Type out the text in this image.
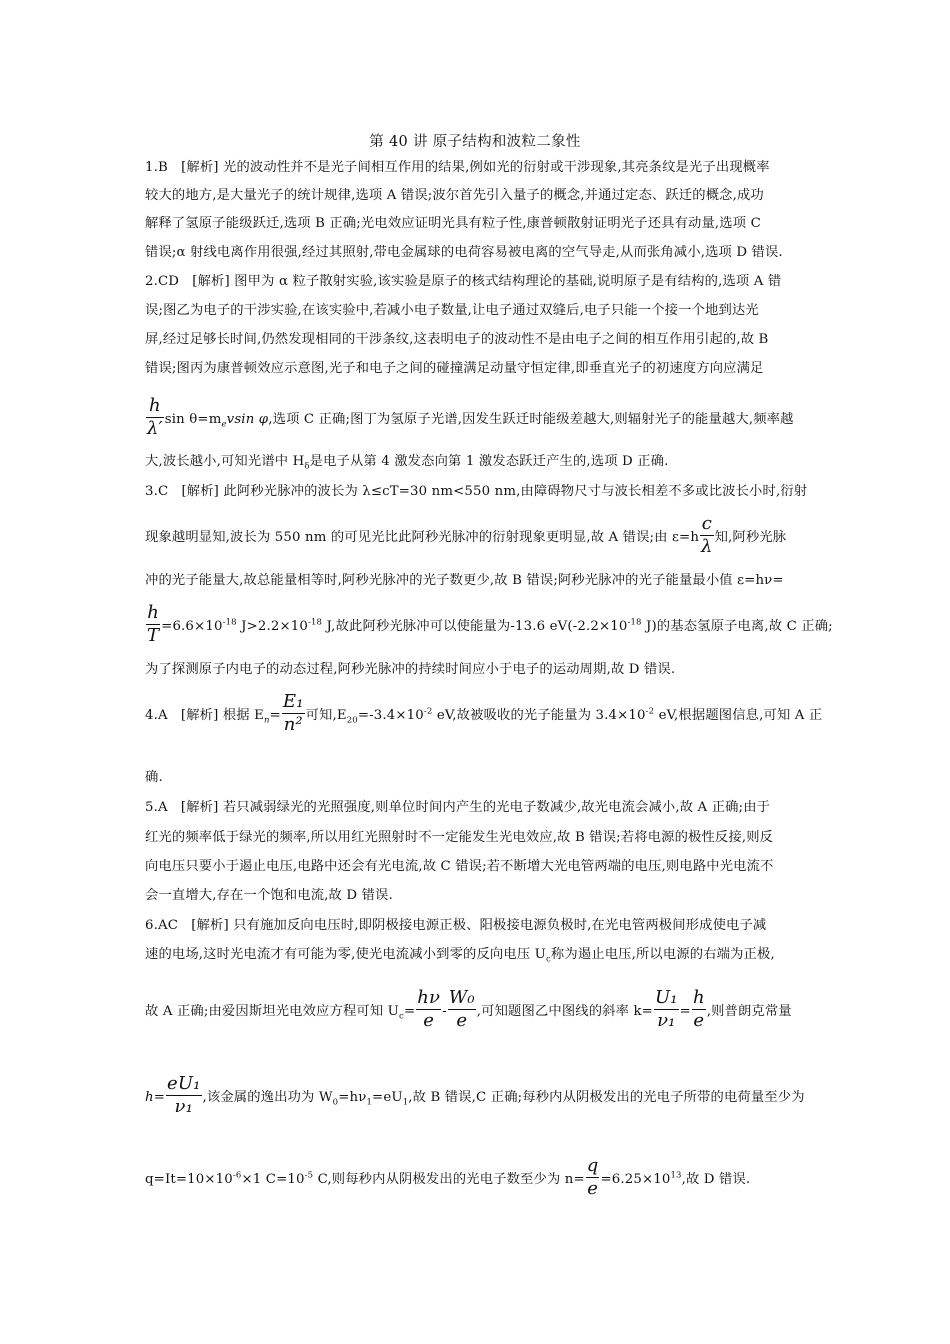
第 40 讲 原子结构和波粒二象性
1.B [解析] 光的波动性并不是光子间相互作用的结果,例如光的衍射或干涉现象,其亮条纹是光子出现概率
较大的地方,是大量光子的统计规律,选项 A 错误;波尔首先引入量子的概念,并通过定态、跃迁的概念,成功
解释了氢原子能级跃迁,选项 B 正确;光电效应证明光具有粒子性,康普顿散射证明光子还具有动量,选项 C
错误;α 射线电离作用很强,经过其照射,带电金属球的电荷容易被电离的空气导走,从而张角减小,选项 D 错误.
2.CD [解析] 图甲为 α 粒子散射实验,该实验是原子的核式结构理论的基础,说明原子是有结构的,选项 A 错
误;图乙为电子的干涉实验,在该实验中,若减小电子数量,让电子通过双缝后,电子只能一个接一个地到达光
屏,经过足够长时间,仍然发现相同的干涉条纹,这表明电子的波动性不是由电子之间的相互作用引起的,故 B
错误;图丙为康普顿效应示意图,光子和电子之间的碰撞满足动量守恒定律,即垂直光子的初速度方向应满足
$\frac{h}{\lambda'}$ $\sin \theta=m_evsin$ φ,选项 C 正确;图丁为氢原子光谱,因发生跃迁时能级差越大,则辐射光子的能量越大,频率越
大,波长越小,可知光谱中 $H_\delta$是电子从第 4 激发态向第 1 激发态跃迁产生的,选项 D 正确.
3.C [解析] 此阿秒光脉冲的波长为 λ≤cT=30 nm<550 nm,由障碍物尺寸与波长相差不多或比波长小时,衍射
现象越明显知,波长为 550 nm 的可见光比此阿秒光脉冲的衍射现象更明显,故 A 错误;由 $\varepsilon=h \frac{c}{\lambda}$ 知,阿秒光脉
冲的光子能量大,故总能量相等时,阿秒光脉冲的光子数更少,故 B 错误;阿秒光脉冲的光子能量最小值 ε=hν=
$\frac{h}{T} =6.6\times 10^{-18}$ $J>2.2\times 10^{-18}$ J,故此阿秒光脉冲可以使能量为-13.6 $eV(-2.2\times 10^{-18}$ J)的基态氢原子电离,故 C 正确;
为了探测原子内电子的动态过程,阿秒光脉冲的持续时间应小于电子的运动周期,故 D 错误.
4.A [解析] 根据 $E_n= \frac{\text{E₁}}{\text{n²}}$ 可知$,E_{20}=-3.4\times 10^{-2}$ eV,故被吸收的光子能量为 $3.4\times 10^{-2}$ eV,根据题图信息,可知 A 正
确.
5.A [解析] 若只减弱绿光的光照强度,则单位时间内产生的光电子数减少,故光电流会减小,故 A 正确;由于
红光的频率低于绿光的频率,所以用红光照射时不一定能发生光电效应,故 B 错误;若将电源的极性反接,则反
向电压只要小于遏止电压,电路中还会有光电流,故 C 错误;若不断增大光电管两端的电压,则电路中光电流不
会一直增大,存在一个饱和电流,故 D 错误.
6.AC [解析] 只有施加反向电压时,即阴极接电源正极、阳极接电源负极时,在光电管两极间形成使电子减
速的电场,这时光电流才有可能为零,使光电流减小到零的反向电压 $U_c$称为遏止电压,所以电源的右端为正极,
故 A 正确;由爱因斯坦光电效应方程可知 $U_c= \frac{h\nu}{e} - \frac{\text{W₀}}{e}$ ,可知题图乙中图线的斜率 $k= \frac{\text{U₁}}{\text{ν₁}} = \frac{h}{e}$ ,则普朗克常量
$h= \frac{\text{eU₁}}{\text{ν₁}}$ ,该金属的逸出功为 $W_0=h\nu_1=eU_1$,故 B 错误,C 正确;每秒内从阴极发出的光电子所带的电荷量至少为
$q=It=10\times 10^{-6}\times 1$ $C=10^{-5}$ C,则每秒内从阴极发出的光电子数至少为 $n= \frac{q}{e} =6.25\times 10^{13}$,故 D 错误.
